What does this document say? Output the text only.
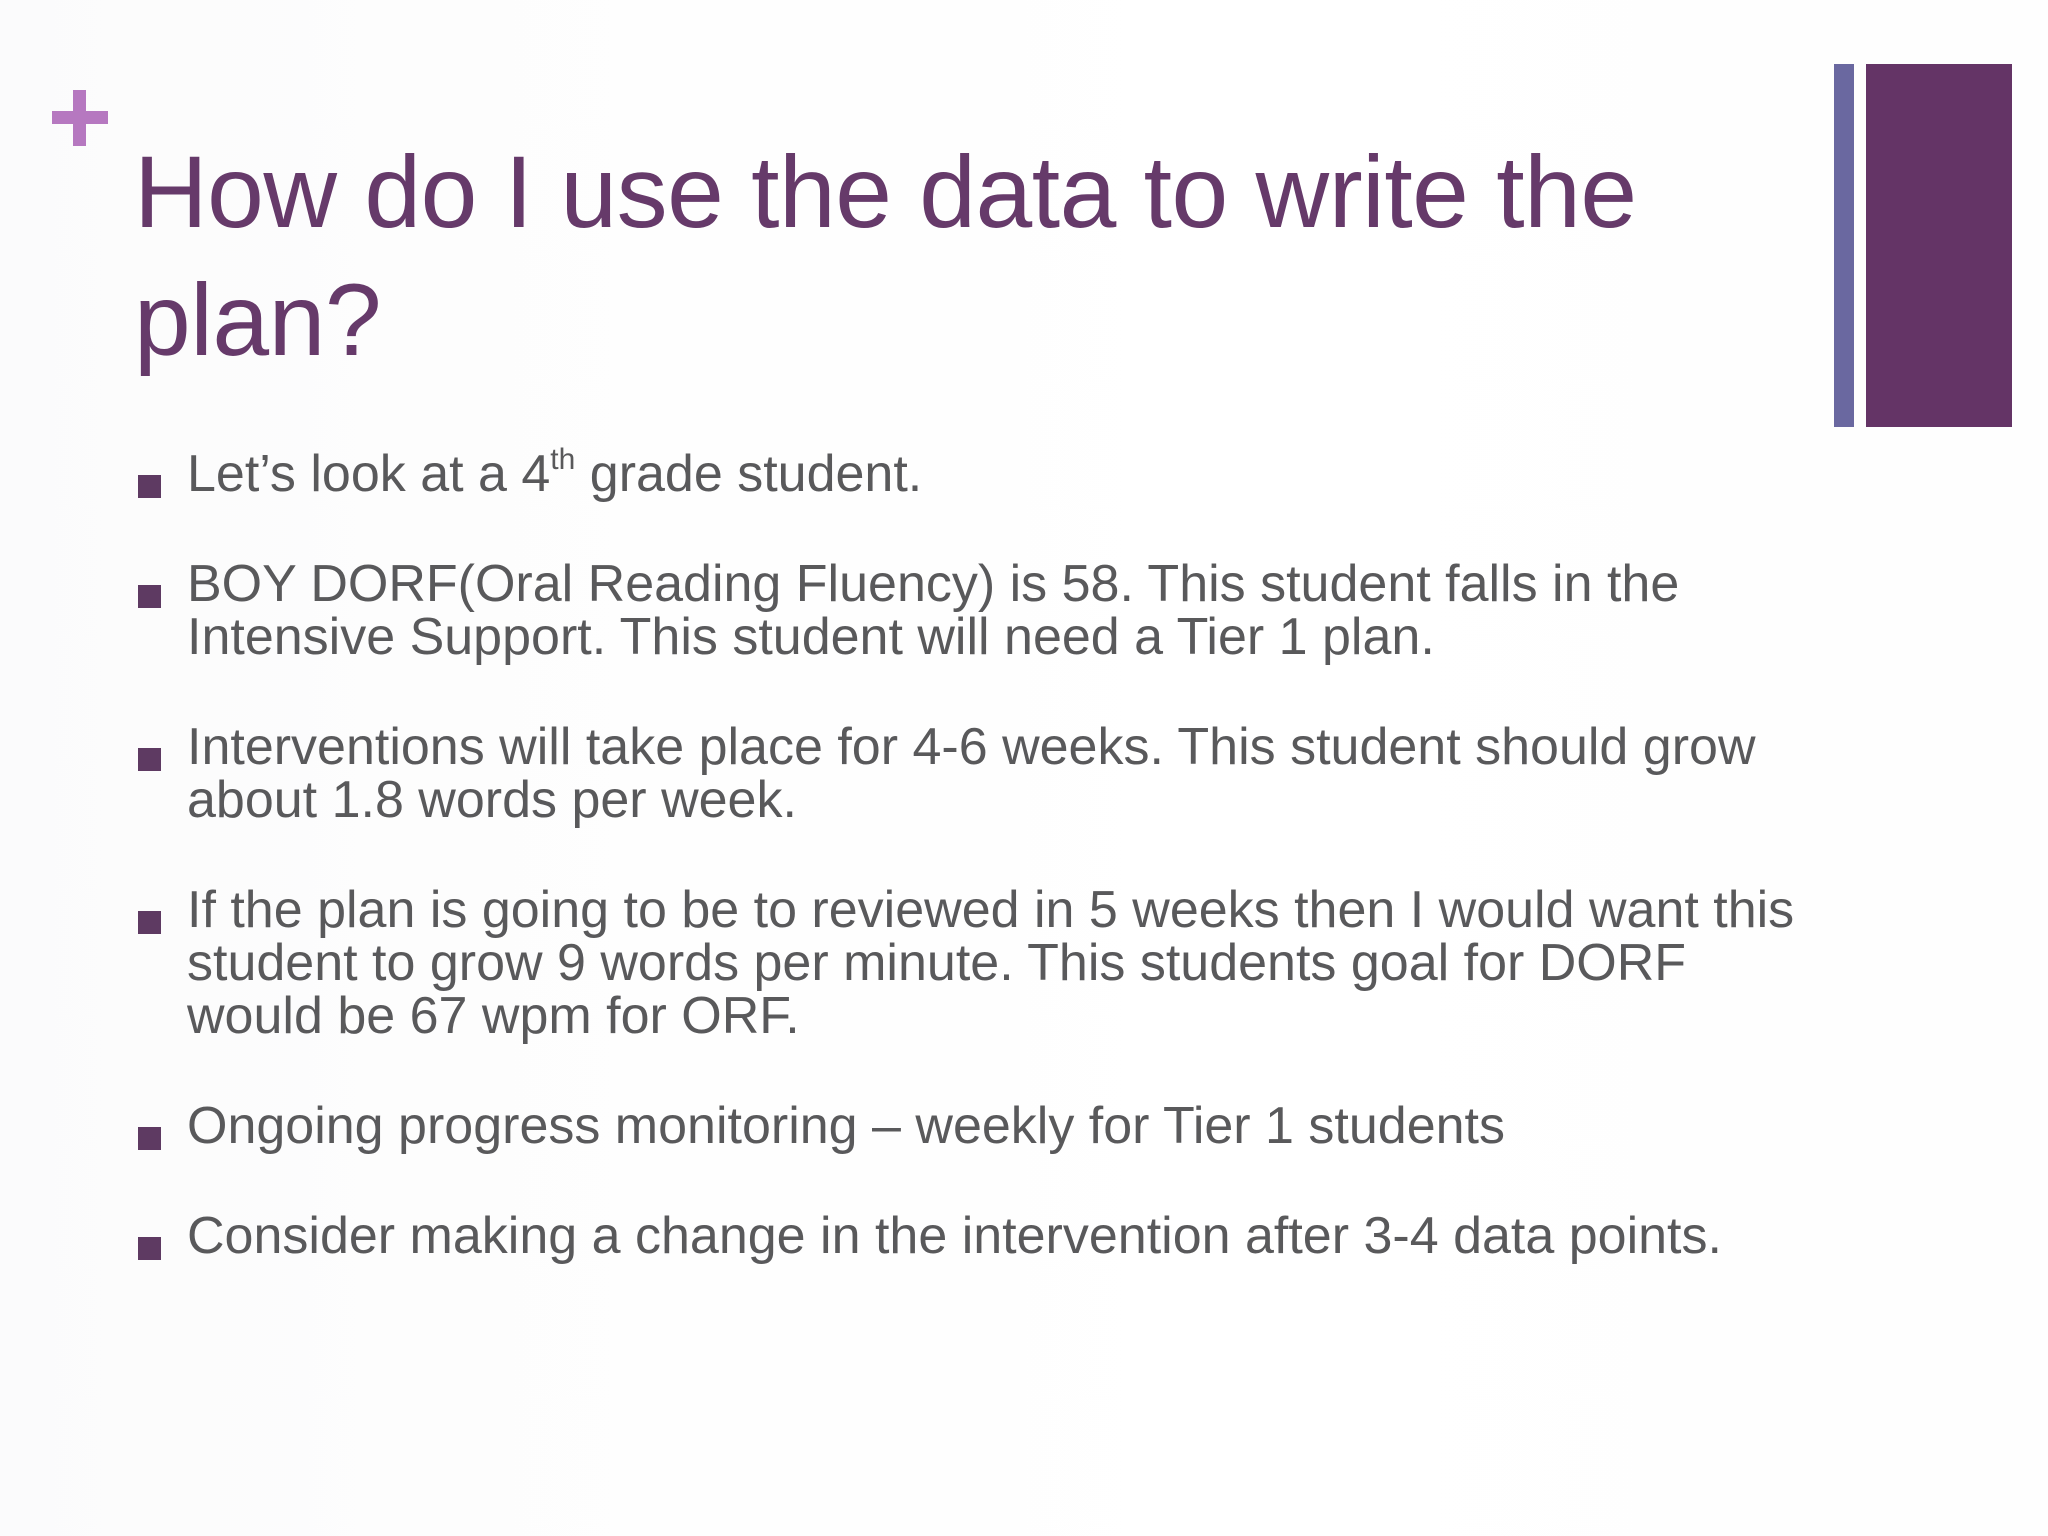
How do I use the data to write the plan?
Let’s look at a 4th grade student.
BOY DORF(Oral Reading Fluency) is 58. This student falls in the Intensive Support. This student will need a Tier 1 plan.
Interventions will take place for 4-6 weeks. This student should grow about 1.8 words per week.
If the plan is going to be to reviewed in 5 weeks then I would want this student to grow 9 words per minute. This students goal for DORF would be 67 wpm for ORF.
Ongoing progress monitoring – weekly for Tier 1 students
Consider making a change in the intervention after 3-4 data points.
